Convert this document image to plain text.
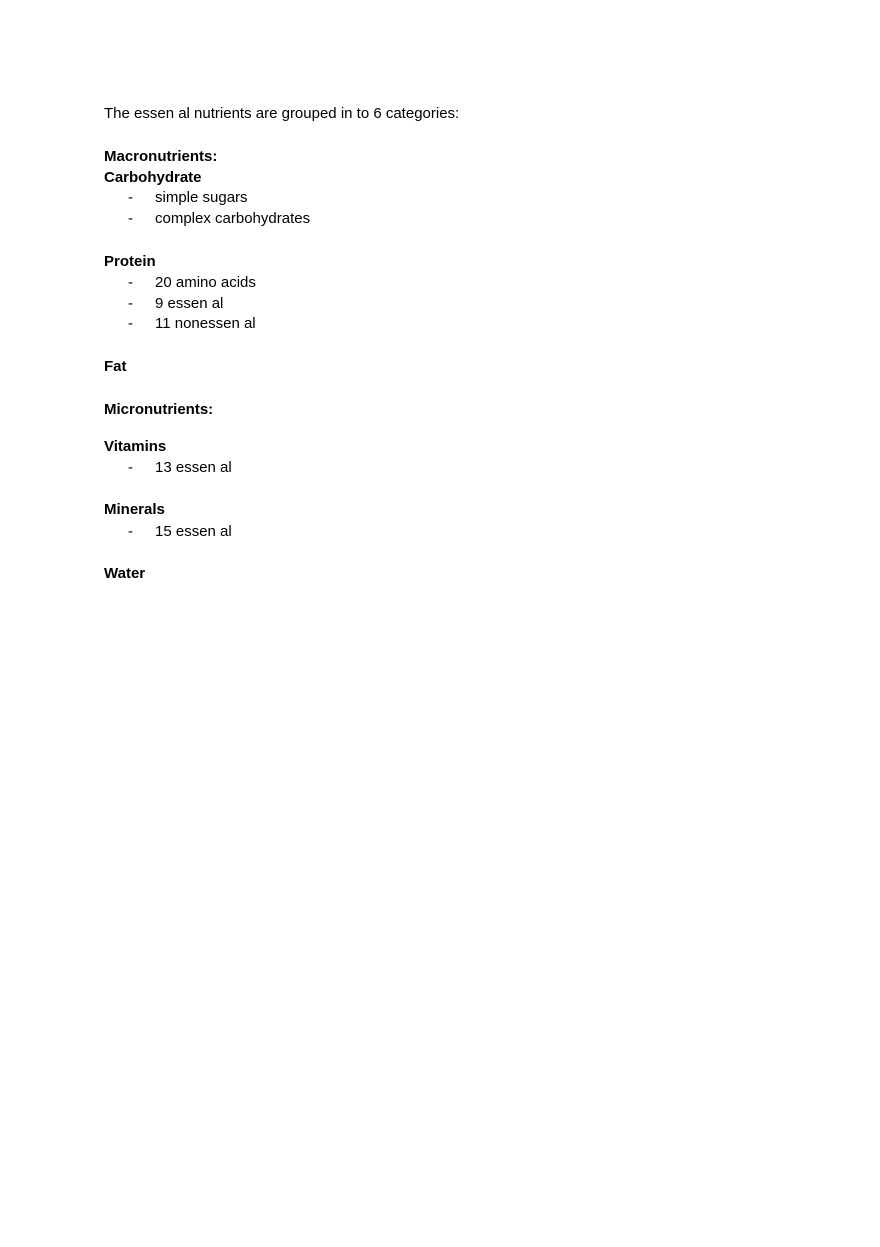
The essen al nutrients are grouped in to 6 categories:
Macronutrients:
Carbohydrate
- simple sugars
- complex carbohydrates
Protein
- 20 amino acids
- 9 essen al
- 11 nonessen al
Fat
Micronutrients:
Vitamins
- 13 essen al
Minerals
- 15 essen al
Water
